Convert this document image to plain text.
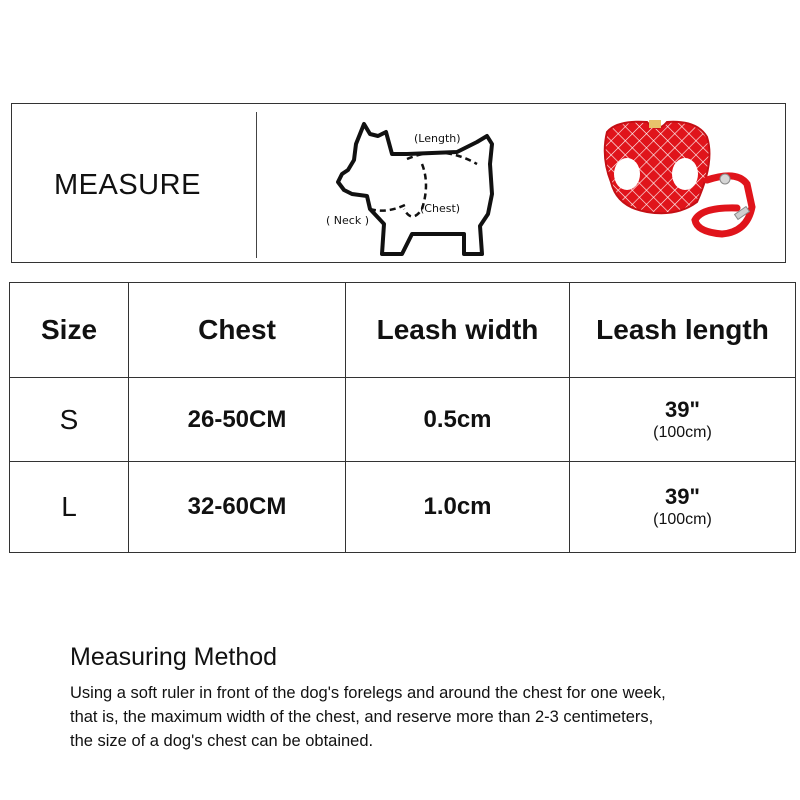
MEASURE
(Length)
(Chest)
( Neck )
Size	Chest	Leash width	Leash length
S	26-50CM	0.5cm	39"
(100cm)

L	32-60CM	1.0cm	39"
(100cm)
Measuring Method
Using a soft ruler in front of the dog's forelegs and around the chest for one week,
that is, the maximum width of the chest, and reserve more than 2-3 centimeters,
the size of a dog's chest can be obtained.
